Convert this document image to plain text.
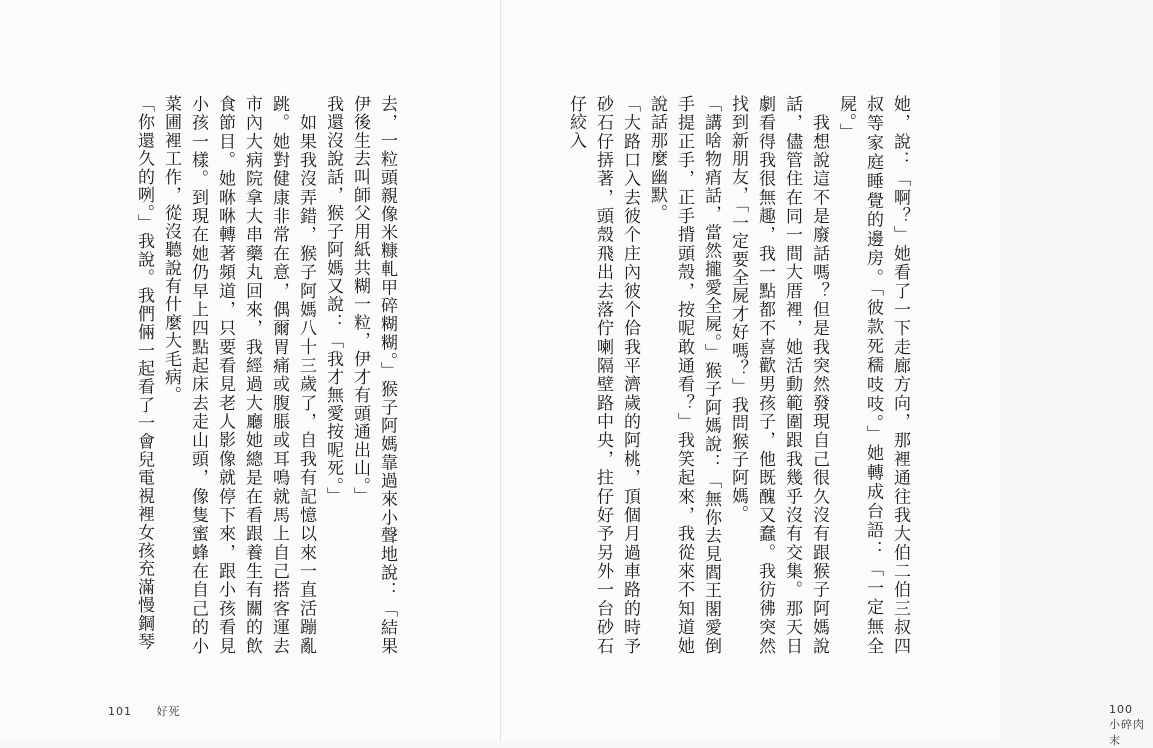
去，一粒頭親像米糠軋甲碎糊糊。」猴子阿媽靠過來小聲地說：「結果伊後生去叫師父用紙共糊一粒，伊才有頭通出山。」
我還沒說話，猴子阿媽又說：「我才無愛按呢死。」
　如果我沒弄錯，猴子阿媽八十三歲了，自我有記憶以來一直活蹦亂跳。她對健康非常在意，偶爾胃痛或腹脹或耳鳴就馬上自己搭客運去市內大病院拿大串藥丸回來，我經過大廳她總是在看跟養生有關的飲食節目。她咻咻轉著頻道，只要看見老人影像就停下來，跟小孩看見小孩一樣。到現在她仍早上四點起床去走山頭，像隻蜜蜂在自己的小菜圃裡工作，從沒聽說有什麼大毛病。
「你還久的咧。」我說。我們倆一起看了一會兒電視裡女孩充滿慢鋼琴
101 好死
她，說：「啊？」她看了一下走廊方向，那裡通往我大伯二伯三叔四叔等家庭睡覺的邊房。「彼款死穤吱吱。」她轉成台語：「一定無全屍。」
　我想說這不是廢話嗎？但是我突然發現自己很久沒有跟猴子阿媽說話，儘管住在同一間大厝裡，她活動範圍跟我幾乎沒有交集。那天日劇看得我很無趣，我一點都不喜歡男孩子，他既醜又蠢。我彷彿突然找到新朋友，「一定要全屍才好嗎？」我問猴子阿媽。
「講啥物痟話，當然攏愛全屍。」猴子阿媽說：「無你去見閻王閣愛倒手提正手，正手揹頭殼，按呢敢通看？」我笑起來，我從來不知道她說話那麼幽默。
「大路口入去彼个庄內彼个佮我平濟歲的阿桃，頂個月過車路的時予砂石仔挵著，頭殼飛出去落佇喇隔壁路中央，拄仔好予另外一台砂石仔絞入
100 小碎肉末
